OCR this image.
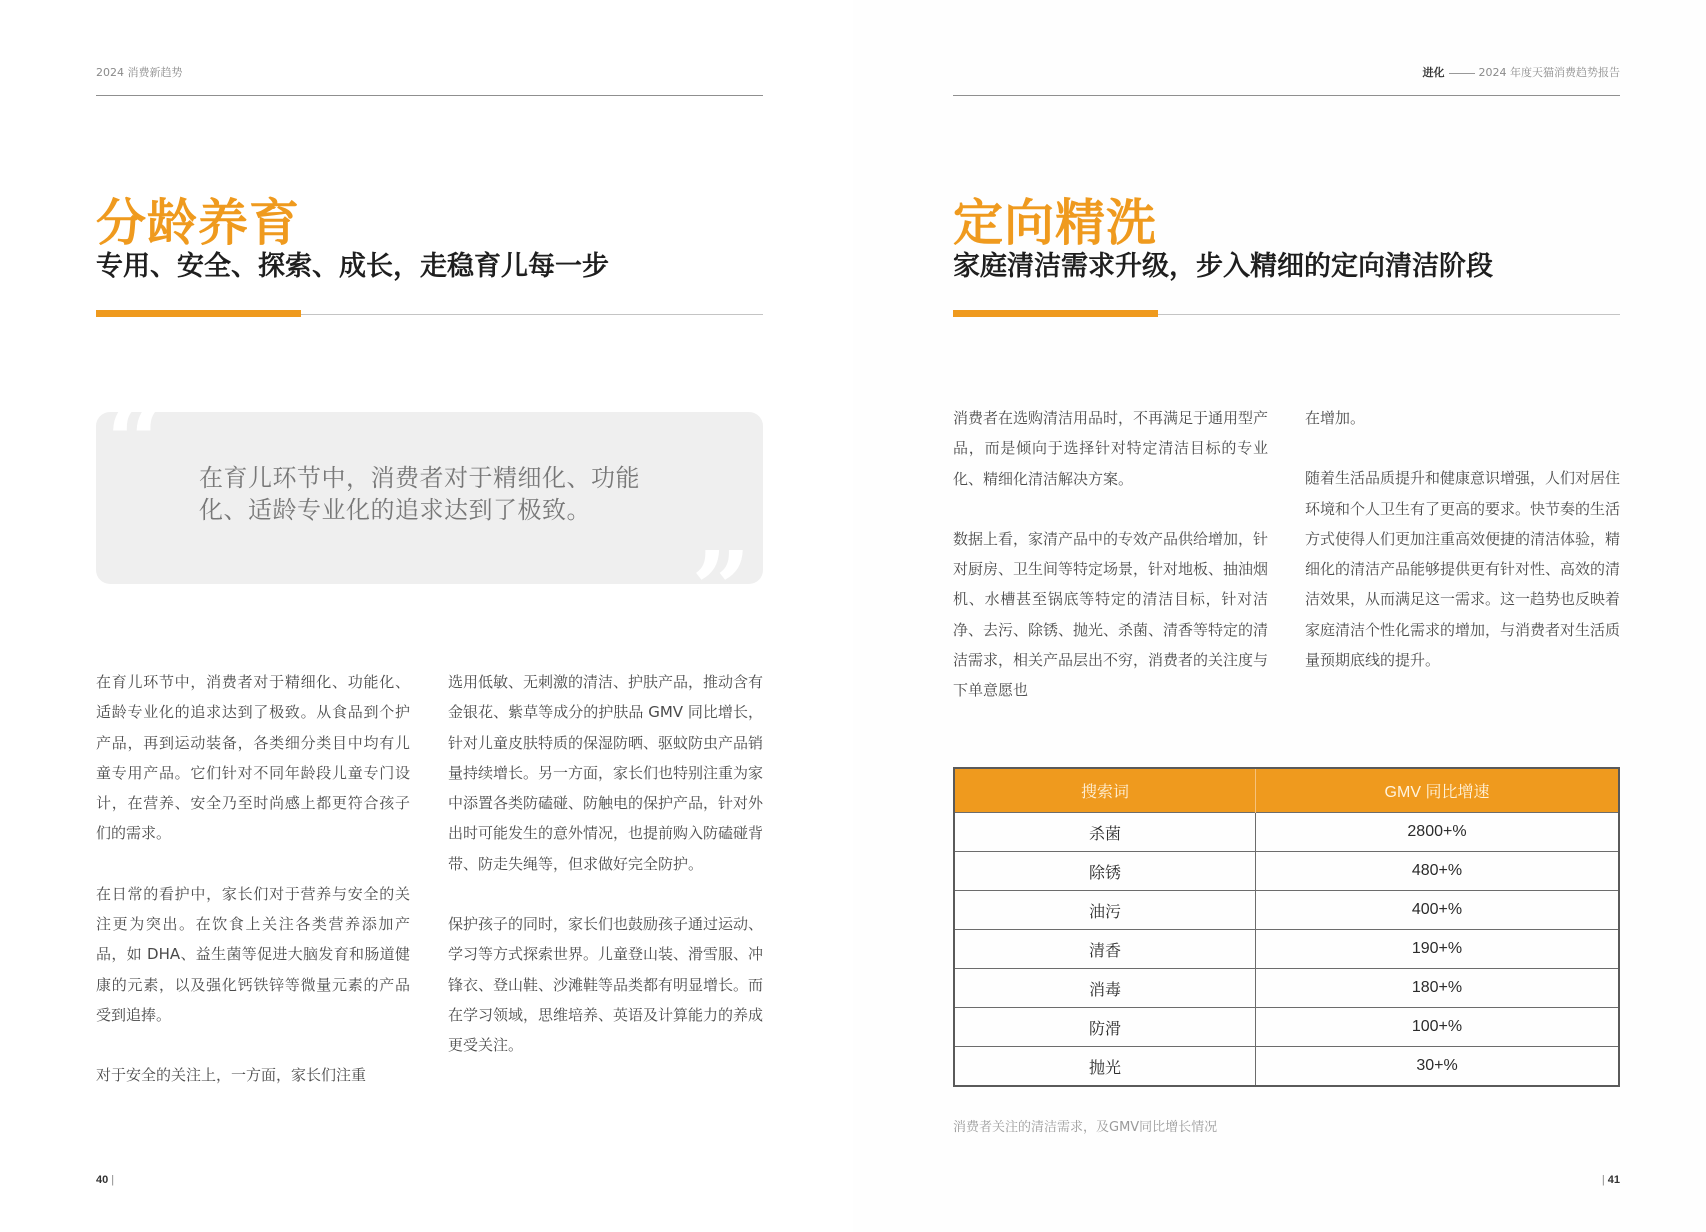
2024 消费新趋势
分龄养育
专用、安全、探索、成长，走稳育儿每一步
“ 在育儿环节中，消费者对于精细化、功能化、适龄专业化的追求达到了极致。

”

在育儿环节中，消费者对于精细化、功能化、适龄专业化的追求达到了极致。从食品到个护产品，再到运动装备，各类细分类目中均有儿童专用产品。它们针对不同年龄段儿童专门设计，在营养、安全乃至时尚感上都更符合孩子们的需求。

在日常的看护中，家长们对于营养与安全的关注更为突出。在饮食上关注各类营养添加产品，如 DHA、益生菌等促进大脑发育和肠道健康的元素，以及强化钙铁锌等微量元素的产品受到追捧。

对于安全的关注上，一方面，家长们注重

选用低敏、无刺激的清洁、护肤产品，推动含有金银花、紫草等成分的护肤品 GMV 同比增长，针对儿童皮肤特质的保湿防晒、驱蚊防虫产品销量持续增长。另一方面，家长们也特别注重为家中添置各类防磕碰、防触电的保护产品，针对外出时可能发生的意外情况，也提前购入防磕碰背带、防走失绳等，但求做好完全防护。

保护孩子的同时，家长们也鼓励孩子通过运动、学习等方式探索世界。儿童登山装、滑雪服、冲锋衣、登山鞋、沙滩鞋等品类都有明显增长。而在学习领域，思维培养、英语及计算能力的养成更受关注。

40 |
进化	2024 年度天猫消费趋势报告
定向精洗
家庭清洁需求升级，步入精细的定向清洁阶段

消费者在选购清洁用品时，不再满足于通用型产品，而是倾向于选择针对特定清洁目标的专业化、精细化清洁解决方案。

数据上看，家清产品中的专效产品供给增加，针对厨房、卫生间等特定场景，针对地板、抽油烟机、水槽甚至锅底等特定的清洁目标，针对洁净、去污、除锈、抛光、杀菌、清香等特定的清洁需求，相关产品层出不穷，消费者的关注度与下单意愿也

在增加。

随着生活品质提升和健康意识增强，人们对居住环境和个人卫生有了更高的要求。快节奏的生活方式使得人们更加注重高效便捷的清洁体验，精细化的清洁产品能够提供更有针对性、高效的清洁效果，从而满足这一需求。这一趋势也反映着家庭清洁个性化需求的增加，与消费者对生活质量预期底线的提升。

搜索词	GMV 同比增速
杀菌	2800+%
除锈	480+%
油污	400+%
清香	190+%
消毒	180+%
防滑	100+%
抛光	30+%
消费者关注的清洁需求，及GMV同比增长情况
| 41
